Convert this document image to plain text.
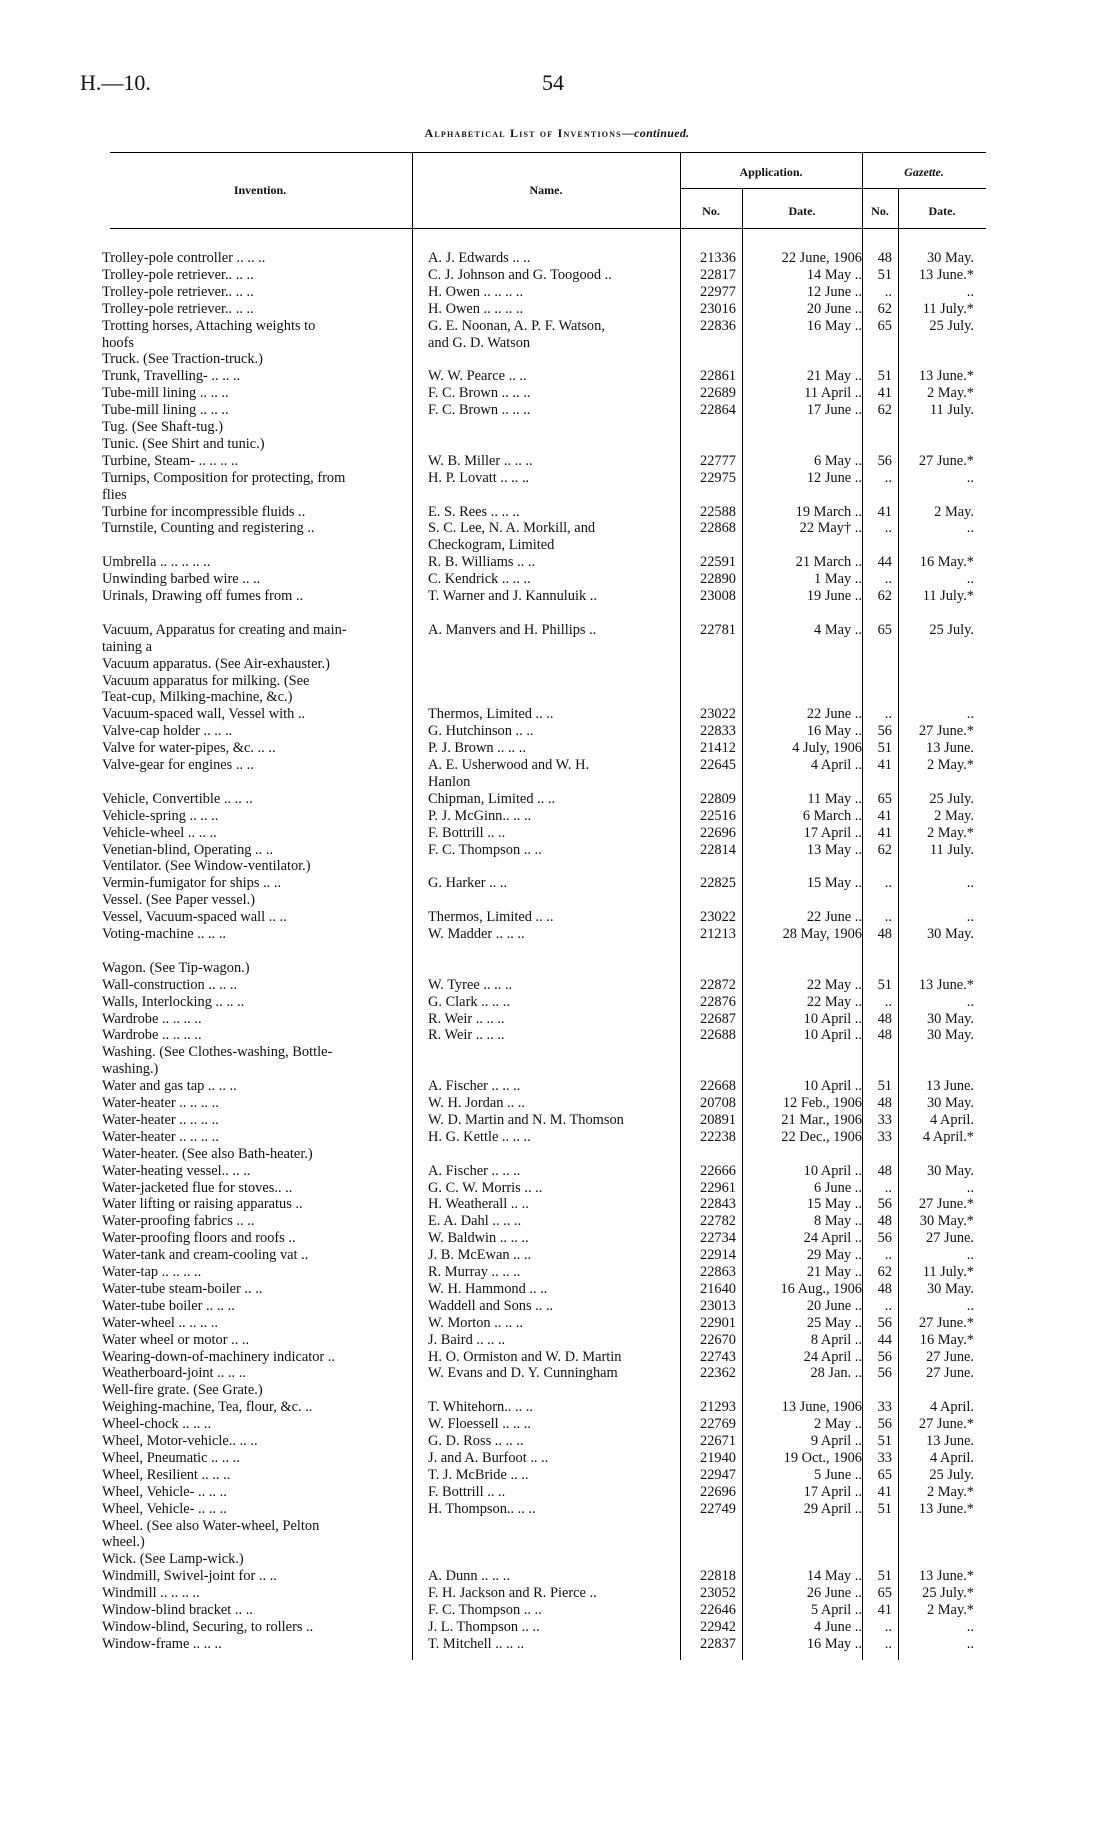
H.—10.	54
Alphabetical List of Inventions—continued.
Invention.	Name.
Application.
No.	Date.
Gazette.
No.	Date.
Trolley-pole controller .. .. ..	A. J. Edwards .. ..	21336	22 June, 1906	48	30 May.
Trolley-pole retriever.. .. ..	C. J. Johnson and G. Toogood ..	22817	14 May ..	51	13 June.*
Trolley-pole retriever.. .. ..	H. Owen .. .. .. ..	22977	12 June ..	..	..
Trolley-pole retriever.. .. ..	H. Owen .. .. .. ..	23016	20 June ..	62	11 July.*
Trotting horses, Attaching weights to	G. E. Noonan, A. P. F. Watson,	22836	16 May ..	65	25 July.
hoofs	and G. D. Watson
Truck. (See Traction-truck.)
Trunk, Travelling- .. .. ..	W. W. Pearce .. ..	22861	21 May ..	51	13 June.*
Tube-mill lining .. .. ..	F. C. Brown .. .. ..	22689	11 April ..	41	2 May.*
Tube-mill lining .. .. ..	F. C. Brown .. .. ..	22864	17 June ..	62	11 July.
Tug. (See Shaft-tug.)
Tunic. (See Shirt and tunic.)
Turbine, Steam- .. .. .. ..	W. B. Miller .. .. ..	22777	6 May ..	56	27 June.*
Turnips, Composition for protecting, from	H. P. Lovatt .. .. ..	22975	12 June ..	..	..
flies
Turbine for incompressible fluids ..	E. S. Rees .. .. ..	22588	19 March ..	41	2 May.
Turnstile, Counting and registering ..	S. C. Lee, N. A. Morkill, and	22868	22 May† ..	..	..
Checkogram, Limited
Umbrella .. .. .. .. ..	R. B. Williams .. ..	22591	21 March ..	44	16 May.*
Unwinding barbed wire .. ..	C. Kendrick .. .. ..	22890	1 May ..	..	..
Urinals, Drawing off fumes from ..	T. Warner and J. Kannuluik ..	23008	19 June ..	62	11 July.*
Vacuum, Apparatus for creating and main-	A. Manvers and H. Phillips ..	22781	4 May ..	65	25 July.
taining a
Vacuum apparatus. (See Air-exhauster.)
Vacuum apparatus for milking. (See
Teat-cup, Milking-machine, &c.)
Vacuum-spaced wall, Vessel with ..	Thermos, Limited .. ..	23022	22 June ..	..	..
Valve-cap holder .. .. ..	G. Hutchinson .. ..	22833	16 May ..	56	27 June.*
Valve for water-pipes, &c. .. ..	P. J. Brown .. .. ..	21412	4 July, 1906	51	13 June.
Valve-gear for engines .. ..	A. E. Usherwood and W. H.	22645	4 April ..	41	2 May.*
Hanlon
Vehicle, Convertible .. .. ..	Chipman, Limited .. ..	22809	11 May ..	65	25 July.
Vehicle-spring .. .. ..	P. J. McGinn.. .. ..	22516	6 March ..	41	2 May.
Vehicle-wheel .. .. ..	F. Bottrill .. ..	22696	17 April ..	41	2 May.*
Venetian-blind, Operating .. ..	F. C. Thompson .. ..	22814	13 May ..	62	11 July.
Ventilator. (See Window-ventilator.)
Vermin-fumigator for ships .. ..	G. Harker .. ..	22825	15 May ..	..	..
Vessel. (See Paper vessel.)
Vessel, Vacuum-spaced wall .. ..	Thermos, Limited .. ..	23022	22 June ..	..	..
Voting-machine .. .. ..	W. Madder .. .. ..	21213	28 May, 1906	48	30 May.
Wagon. (See Tip-wagon.)
Wall-construction .. .. ..	W. Tyree .. .. ..	22872	22 May ..	51	13 June.*
Walls, Interlocking .. .. ..	G. Clark .. .. ..	22876	22 May ..	..	..
Wardrobe .. .. .. ..	R. Weir .. .. ..	22687	10 April ..	48	30 May.
Wardrobe .. .. .. ..	R. Weir .. .. ..	22688	10 April ..	48	30 May.
Washing. (See Clothes-washing, Bottle-
washing.)
Water and gas tap .. .. ..	A. Fischer .. .. ..	22668	10 April ..	51	13 June.
Water-heater .. .. .. ..	W. H. Jordan .. ..	20708	12 Feb., 1906	48	30 May.
Water-heater .. .. .. ..	W. D. Martin and N. M. Thomson	20891	21 Mar., 1906	33	4 April.
Water-heater .. .. .. ..	H. G. Kettle .. .. ..	22238	22 Dec., 1906	33	4 April.*
Water-heater. (See also Bath-heater.)
Water-heating vessel.. .. ..	A. Fischer .. .. ..	22666	10 April ..	48	30 May.
Water-jacketed flue for stoves.. ..	G. C. W. Morris .. ..	22961	6 June ..	..	..
Water lifting or raising apparatus ..	H. Weatherall .. ..	22843	15 May ..	56	27 June.*
Water-proofing fabrics .. ..	E. A. Dahl .. .. ..	22782	8 May ..	48	30 May.*
Water-proofing floors and roofs ..	W. Baldwin .. .. ..	22734	24 April ..	56	27 June.
Water-tank and cream-cooling vat ..	J. B. McEwan .. ..	22914	29 May ..	..	..
Water-tap .. .. .. ..	R. Murray .. .. ..	22863	21 May ..	62	11 July.*
Water-tube steam-boiler .. ..	W. H. Hammond .. ..	21640	16 Aug., 1906	48	30 May.
Water-tube boiler .. .. ..	Waddell and Sons .. ..	23013	20 June ..	..	..
Water-wheel .. .. .. ..	W. Morton .. .. ..	22901	25 May ..	56	27 June.*
Water wheel or motor .. ..	J. Baird .. .. ..	22670	8 April ..	44	16 May.*
Wearing-down-of-machinery indicator ..	H. O. Ormiston and W. D. Martin	22743	24 April ..	56	27 June.
Weatherboard-joint .. .. ..	W. Evans and D. Y. Cunningham	22362	28 Jan. ..	56	27 June.
Well-fire grate. (See Grate.)
Weighing-machine, Tea, flour, &c. ..	T. Whitehorn.. .. ..	21293	13 June, 1906	33	4 April.
Wheel-chock .. .. ..	W. Floessell .. .. ..	22769	2 May ..	56	27 June.*
Wheel, Motor-vehicle.. .. ..	G. D. Ross .. .. ..	22671	9 April ..	51	13 June.
Wheel, Pneumatic .. .. ..	J. and A. Burfoot .. ..	21940	19 Oct., 1906	33	4 April.
Wheel, Resilient .. .. ..	T. J. McBride .. ..	22947	5 June ..	65	25 July.
Wheel, Vehicle- .. .. ..	F. Bottrill .. ..	22696	17 April ..	41	2 May.*
Wheel, Vehicle- .. .. ..	H. Thompson.. .. ..	22749	29 April ..	51	13 June.*
Wheel. (See also Water-wheel, Pelton
wheel.)
Wick. (See Lamp-wick.)
Windmill, Swivel-joint for .. ..	A. Dunn .. .. ..	22818	14 May ..	51	13 June.*
Windmill .. .. .. ..	F. H. Jackson and R. Pierce ..	23052	26 June ..	65	25 July.*
Window-blind bracket .. ..	F. C. Thompson .. ..	22646	5 April ..	41	2 May.*
Window-blind, Securing, to rollers ..	J. L. Thompson .. ..	22942	4 June ..	..	..
Window-frame .. .. ..	T. Mitchell .. .. ..	22837	16 May ..	..	..
